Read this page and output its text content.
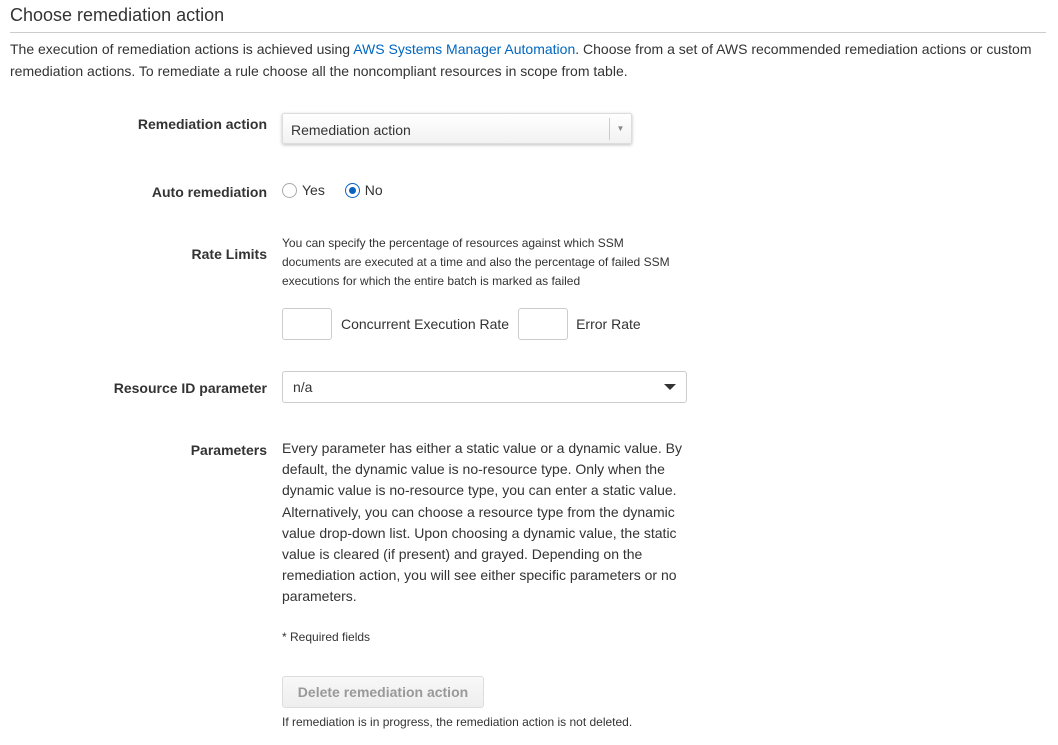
Choose remediation action
The execution of remediation actions is achieved using AWS Systems Manager Automation. Choose from a set of AWS recommended remediation actions or custom remediation actions. To remediate a rule choose all the noncompliant resources in scope from table.
Remediation action	Remediation action	▼
Auto remediation	Yes	No
Rate Limits
You can specify the percentage of resources against which SSM documents are executed at a time and also the percentage of failed SSM executions for which the entire batch is marked as failed
Concurrent Execution Rate	Error Rate
Resource ID parameter	n/a
Parameters Every parameter has either a static value or a dynamic value. By default, the dynamic value is no-resource type. Only when the dynamic value is no-resource type, you can enter a static value. Alternatively, you can choose a resource type from the dynamic value drop-down list. Upon choosing a dynamic value, the static value is cleared (if present) and grayed. Depending on the remediation action, you will see either specific parameters or no parameters.
* Required fields
Delete remediation action
If remediation is in progress, the remediation action is not deleted.
